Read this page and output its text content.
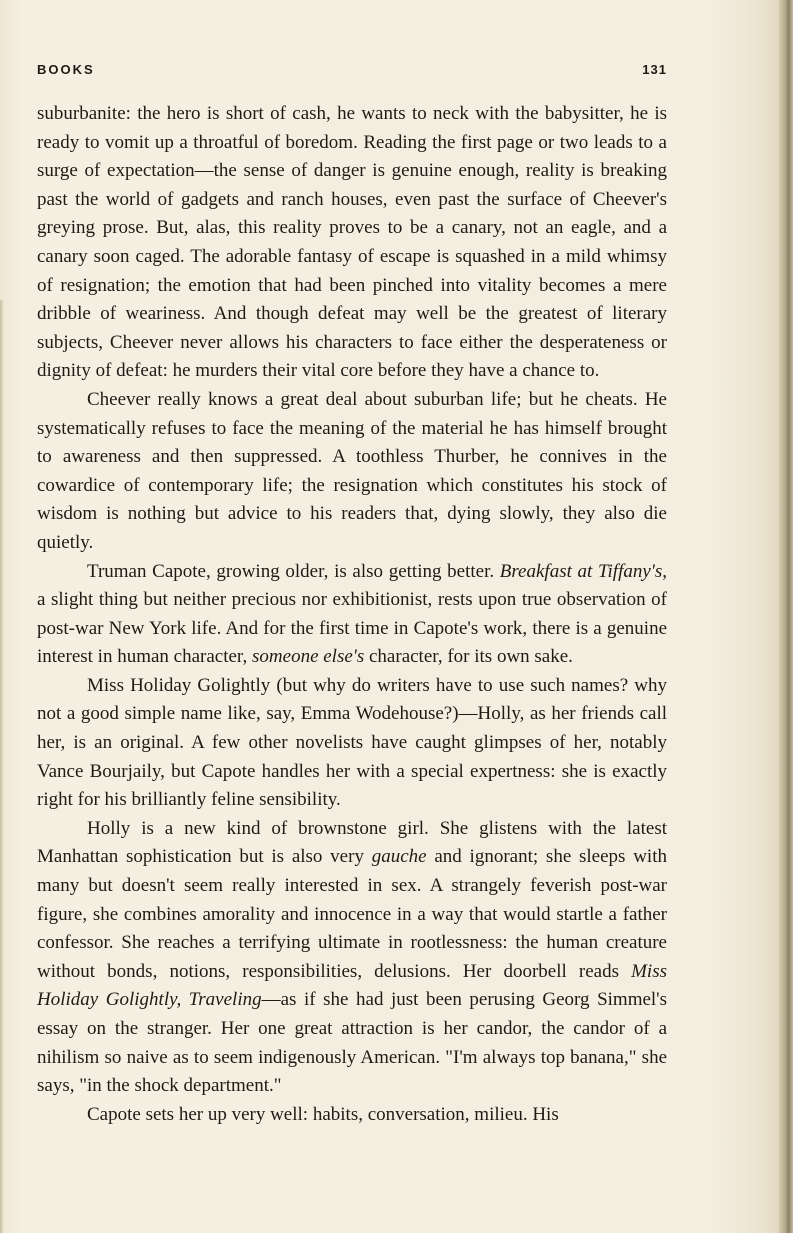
BOOKS	131

suburbanite: the hero is short of cash, he wants to neck with the babysitter, he is ready to vomit up a throatful of boredom. Reading the first page or two leads to a surge of expectation—the sense of danger is genuine enough, reality is breaking past the world of gadgets and ranch houses, even past the surface of Cheever's greying prose. But, alas, this reality proves to be a canary, not an eagle, and a canary soon caged. The adorable fantasy of escape is squashed in a mild whimsy of resignation; the emotion that had been pinched into vitality becomes a mere dribble of weariness. And though defeat may well be the greatest of literary subjects, Cheever never allows his characters to face either the desperateness or dignity of defeat: he murders their vital core before they have a chance to.

Cheever really knows a great deal about suburban life; but he cheats. He systematically refuses to face the meaning of the material he has himself brought to awareness and then suppressed. A toothless Thurber, he connives in the cowardice of contemporary life; the resignation which constitutes his stock of wisdom is nothing but advice to his readers that, dying slowly, they also die quietly.

Truman Capote, growing older, is also getting better. Breakfast at Tiffany's, a slight thing but neither precious nor exhibitionist, rests upon true observation of post-war New York life. And for the first time in Capote's work, there is a genuine interest in human character, someone else's character, for its own sake.

Miss Holiday Golightly (but why do writers have to use such names? why not a good simple name like, say, Emma Wodehouse?)—Holly, as her friends call her, is an original. A few other novelists have caught glimpses of her, notably Vance Bourjaily, but Capote handles her with a special expertness: she is exactly right for his brilliantly feline sensibility.

Holly is a new kind of brownstone girl. She glistens with the latest Manhattan sophistication but is also very gauche and ignorant; she sleeps with many but doesn't seem really interested in sex. A strangely feverish post-war figure, she combines amorality and innocence in a way that would startle a father confessor. She reaches a terrifying ultimate in rootlessness: the human creature without bonds, notions, responsibilities, delusions. Her doorbell reads Miss Holiday Golightly, Traveling—as if she had just been perusing Georg Simmel's essay on the stranger. Her one great attraction is her candor, the candor of a nihilism so naive as to seem indigenously American. "I'm always top banana," she says, "in the shock department."

Capote sets her up very well: habits, conversation, milieu. His
